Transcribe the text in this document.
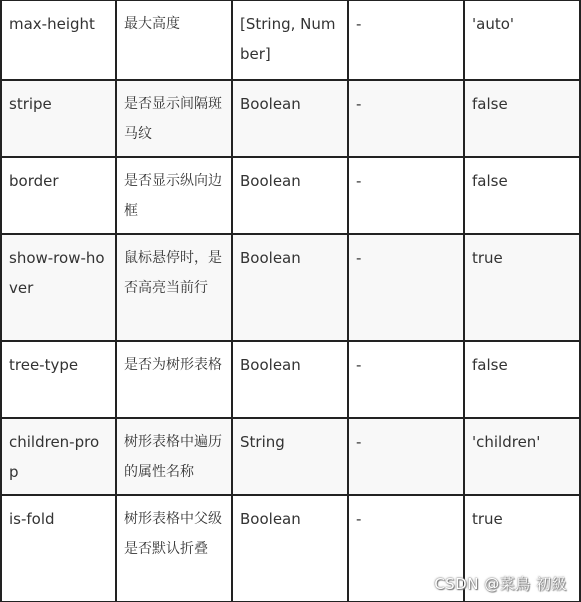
max-height	最大高度	[String, Number]	-	'auto'
stripe	是否显示间隔斑马纹	Boolean	-	false
border	是否显示纵向边框	Boolean	-	false
show-row-hover	鼠标悬停时，是否高亮当前行	Boolean	-	true
tree-type	是否为树形表格	Boolean	-	false
children-prop	树形表格中遍历的属性名称	String	-	'children'
is-fold	树形表格中父级是否默认折叠	Boolean	-	true
CSDN @菜鳥 初級
